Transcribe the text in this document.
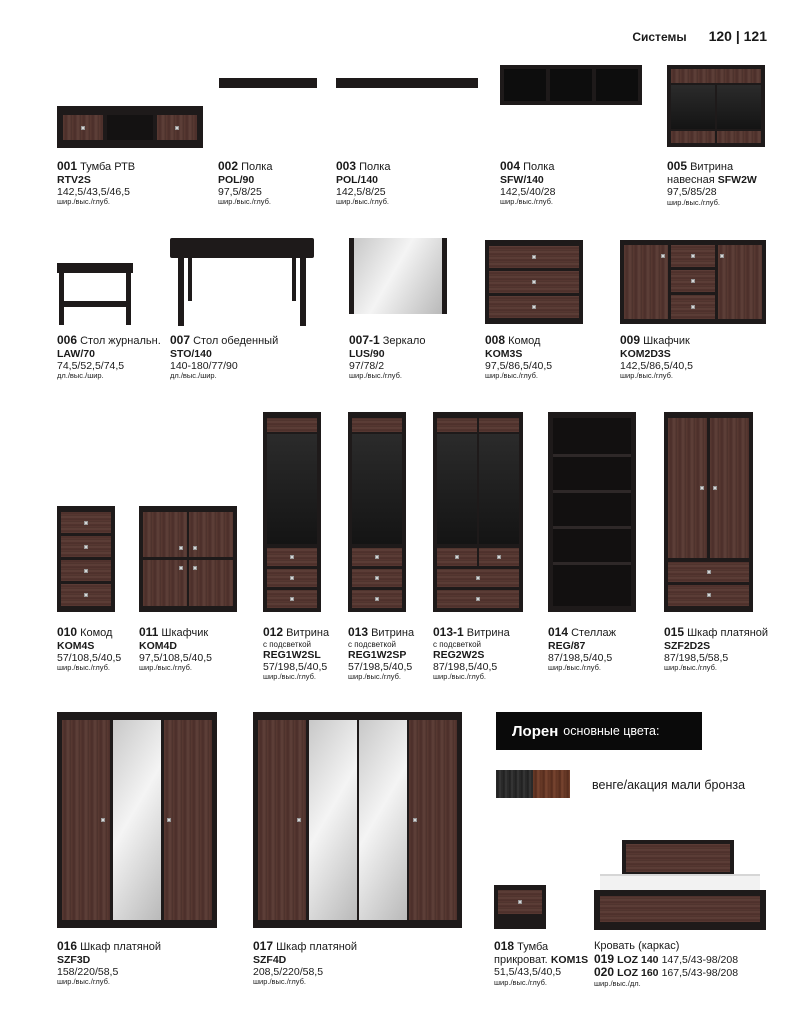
Системы 120 | 121
001 Тумба РТВ
RTV2S
142,5/43,5/46,5
шир./выс./глуб.
002 Полка
POL/90
97,5/8/25
шир./выс./глуб.
003 Полка
POL/140
142,5/8/25
шир./выс./глуб.
004 Полка
SFW/140
142,5/40/28
шир./выс./глуб.
005 Витрина
навесная SFW2W
97,5/85/28
шир./выс./глуб.
006 Стол журнальн.
LAW/70
74,5/52,5/74,5
дл./выс./шир.
007 Стол обеденный
STO/140
140-180/77/90
дл./выс./шир.
007-1 Зеркало
LUS/90
97/78/2
шир./выс./глуб.
008 Комод
KOM3S
97,5/86,5/40,5
шир./выс./глуб.
009 Шкафчик
KOM2D3S
142,5/86,5/40,5
шир./выс./глуб.
010 Комод
KOM4S
57/108,5/40,5
шир./выс./глуб.
011 Шкафчик
KOM4D
97,5/108,5/40,5
шир./выс./глуб.
012 Витрина
с подсветкой
REG1W2SL
57/198,5/40,5
шир./выс./глуб.
013 Витрина
с подсветкой
REG1W2SP
57/198,5/40,5
шир./выс./глуб.
013-1 Витрина
с подсветкой
REG2W2S
87/198,5/40,5
шир./выс./глуб.
014 Стеллаж
REG/87
87/198,5/40,5
шир./выс./глуб.
015 Шкаф платяной
SZF2D2S
87/198,5/58,5
шир./выс./глуб.
Лорен основные цвета:
венге/акация мали бронза
016 Шкаф платяной
SZF3D
158/220/58,5
шир./выс./глуб.
017 Шкаф платяной
SZF4D
208,5/220/58,5
шир./выс./глуб.
018 Тумба
прикроват. KOM1S
51,5/43,5/40,5
шир./выс./глуб.
Кровать (каркас)
019 LOZ 140 147,5/43-98/208
020 LOZ 160 167,5/43-98/208
шир./выс./дл.
